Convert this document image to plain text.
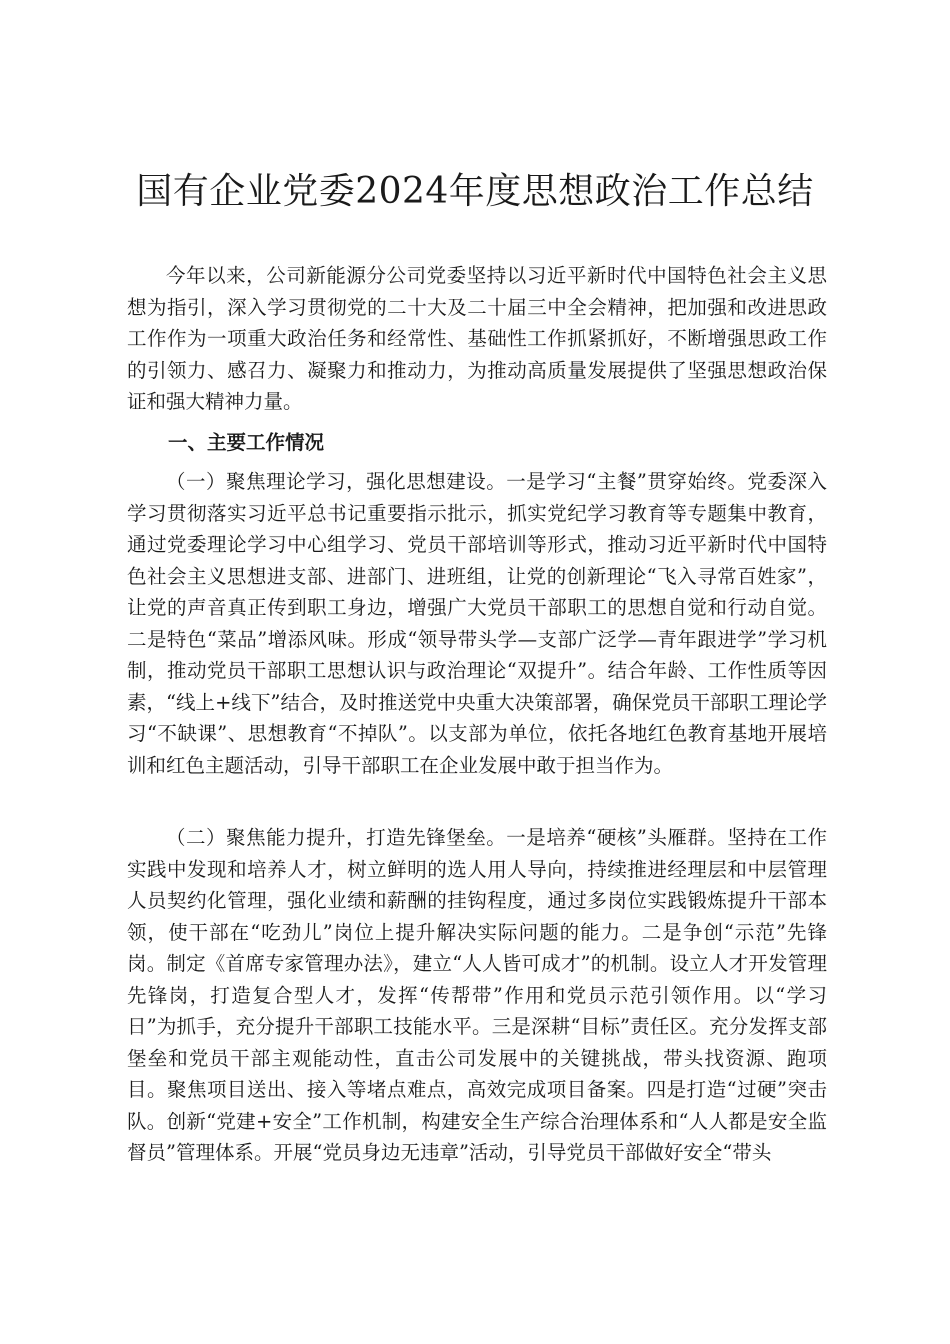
国有企业党委2024年度思想政治工作总结

今年以来，公司新能源分公司党委坚持以习近平新时代中国特色社会主义思想为指引，深入学习贯彻党的二十大及二十届三中全会精神，把加强和改进思政工作作为一项重大政治任务和经常性、基础性工作抓紧抓好，不断增强思政工作的引领力、感召力、凝聚力和推动力，为推动高质量发展提供了坚强思想政治保证和强大精神力量。

一、主要工作情况

（一）聚焦理论学习，强化思想建设。一是学习“主餐”贯穿始终。党委深入学习贯彻落实习近平总书记重要指示批示，抓实党纪学习教育等专题集中教育，通过党委理论学习中心组学习、党员干部培训等形式，推动习近平新时代中国特色社会主义思想进支部、进部门、进班组，让党的创新理论“飞入寻常百姓家”，让党的声音真正传到职工身边，增强广大党员干部职工的思想自觉和行动自觉。二是特色“菜品”增添风味。形成“领导带头学—支部广泛学—青年跟进学”学习机制，推动党员干部职工思想认识与政治理论“双提升”。结合年龄、工作性质等因素，“线上+线下”结合，及时推送党中央重大决策部署，确保党员干部职工理论学习“不缺课”、思想教育“不掉队”。以支部为单位，依托各地红色教育基地开展培训和红色主题活动，引导干部职工在企业发展中敢于担当作为。

（二）聚焦能力提升，打造先锋堡垒。一是培养“硬核”头雁群。坚持在工作实践中发现和培养人才，树立鲜明的选人用人导向，持续推进经理层和中层管理人员契约化管理，强化业绩和薪酬的挂钩程度，通过多岗位实践锻炼提升干部本领，使干部在“吃劲儿”岗位上提升解决实际问题的能力。二是争创“示范”先锋岗。制定《首席专家管理办法》，建立“人人皆可成才”的机制。设立人才开发管理先锋岗，打造复合型人才，发挥“传帮带”作用和党员示范引领作用。以“学习日”为抓手，充分提升干部职工技能水平。三是深耕“目标”责任区。充分发挥支部堡垒和党员干部主观能动性，直击公司发展中的关键挑战，带头找资源、跑项目。聚焦项目送出、接入等堵点难点，高效完成项目备案。四是打造“过硬”突击队。创新“党建+安全”工作机制，构建安全生产综合治理体系和“人人都是安全监督员”管理体系。开展“党员身边无违章”活动，引导党员干部做好安全“带头
